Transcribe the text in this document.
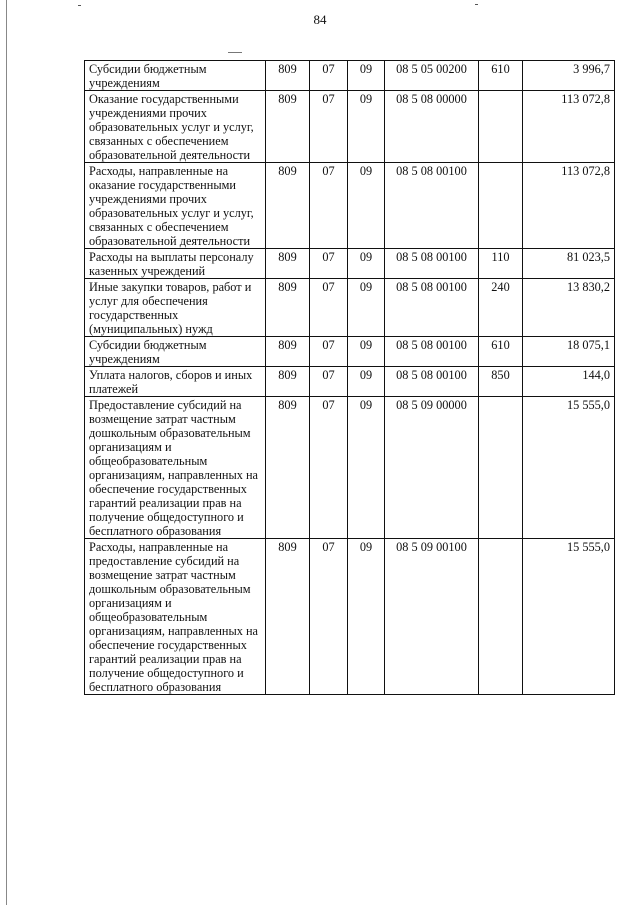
84
Субсидии бюджетным учреждениям	809	07	09	08 5 05 00200	610	3 996,7
Оказание государственными учреждениями прочих образовательных услуг и услуг, связанных с обеспечением образовательной деятельности	809	07	09	08 5 08 00000		113 072,8
Расходы, направленные на оказание государственными учреждениями прочих образовательных услуг и услуг, связанных с обеспечением образовательной деятельности	809	07	09	08 5 08 00100		113 072,8
Расходы на выплаты персоналу казенных учреждений	809	07	09	08 5 08 00100	110	81 023,5
Иные закупки товаров, работ и услуг для обеспечения государственных (муниципальных) нужд	809	07	09	08 5 08 00100	240	13 830,2
Субсидии бюджетным учреждениям	809	07	09	08 5 08 00100	610	18 075,1
Уплата налогов, сборов и иных платежей	809	07	09	08 5 08 00100	850	144,0
Предоставление субсидий на возмещение затрат частным дошкольным образовательным организациям и общеобразовательным организациям, направленных на обеспечение государственных гарантий реализации прав на получение общедоступного и бесплатного образования	809	07	09	08 5 09 00000		15 555,0
Расходы, направленные на предоставление субсидий на возмещение затрат частным дошкольным образовательным организациям и общеобразовательным организациям, направленных на обеспечение государственных гарантий реализации прав на получение общедоступного и бесплатного образования	809	07	09	08 5 09 00100		15 555,0
